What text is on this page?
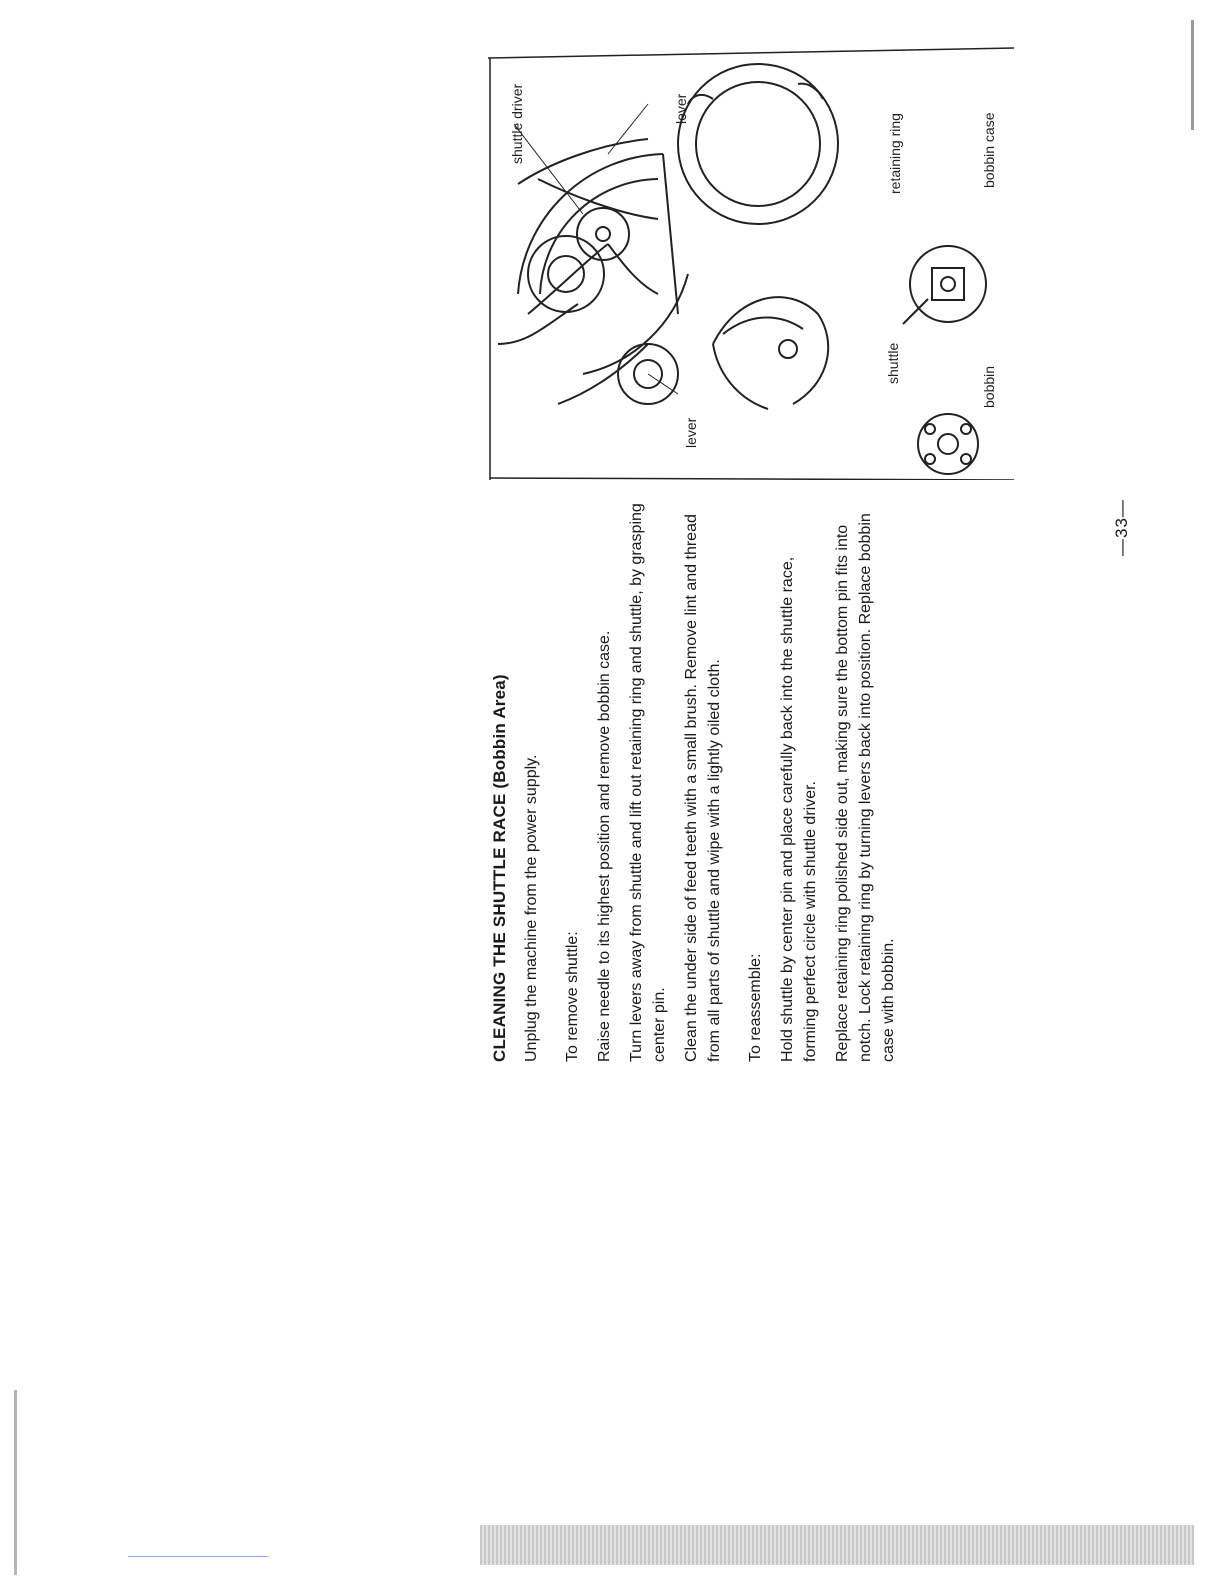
CLEANING THE SHUTTLE RACE (Bobbin Area) Unplug the machine from the power supply. To remove shuttle: Raise needle to its highest position and remove bobbin case. Turn levers away from shuttle and lift out retaining ring and shuttle, by grasping center pin. Clean the under side of feed teeth with a small brush. Remove lint and thread from all parts of shuttle and wipe with a lightly oiled cloth. To reassemble: Hold shuttle by center pin and place carefully back into the shuttle race, forming perfect circle with shuttle driver. Replace retaining ring polished side out, making sure the bottom pin fits into notch. Lock retaining ring by turning levers back into position. Replace bobbin case with bobbin.
—33—
shuttle driver	lever
lever
retaining ring	bobbin case
shuttle
bobbin
